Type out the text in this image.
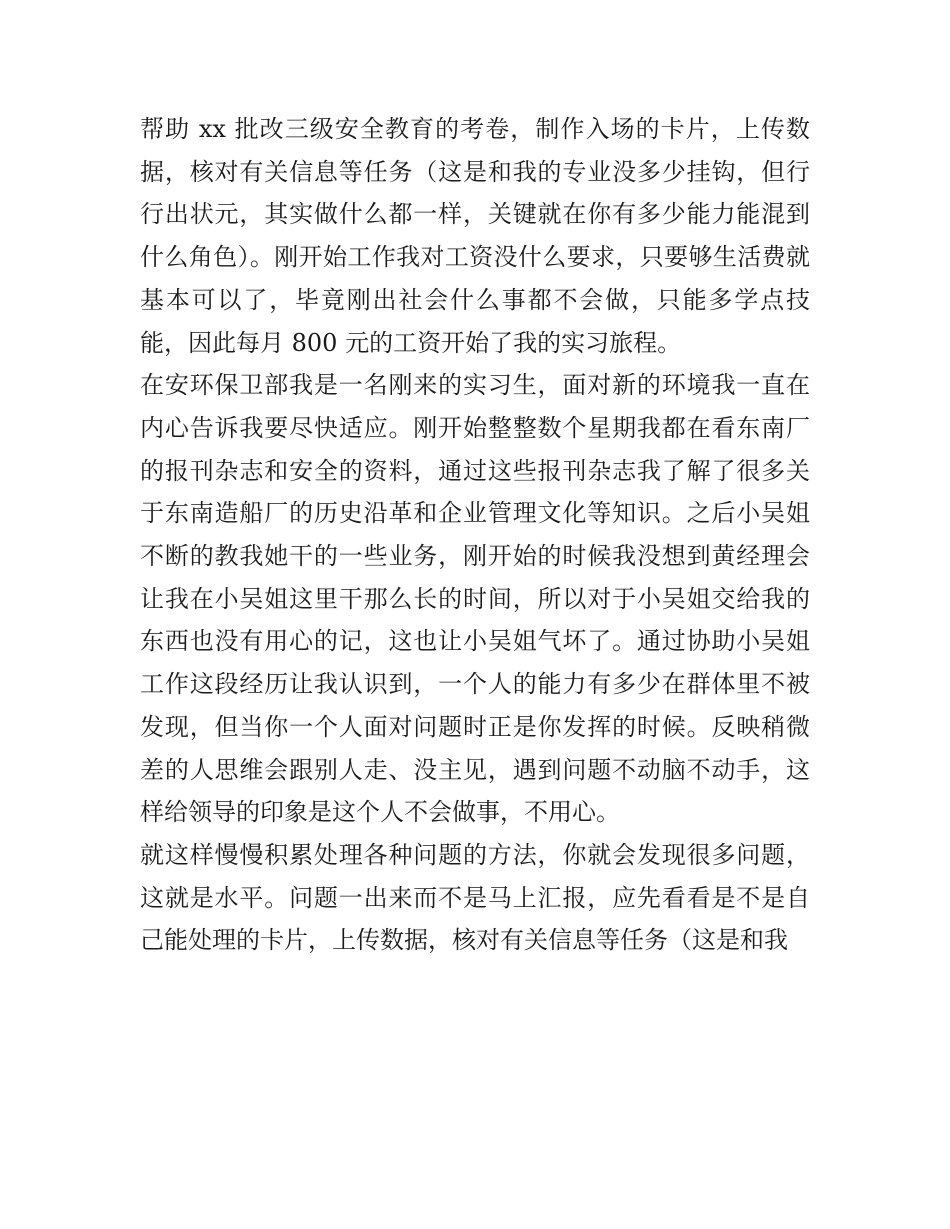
帮助 xx 批改三级安全教育的考卷，制作入场的卡片，上传数据，核对有关信息等任务（这是和我的专业没多少挂钩，但行行出状元，其实做什么都一样，关键就在你有多少能力能混到什么角色）。刚开始工作我对工资没什么要求，只要够生活费就基本可以了，毕竟刚出社会什么事都不会做，只能多学点技能，因此每月 800 元的工资开始了我的实习旅程。

在安环保卫部我是一名刚来的实习生，面对新的环境我一直在内心告诉我要尽快适应。刚开始整整数个星期我都在看东南厂的报刊杂志和安全的资料，通过这些报刊杂志我了解了很多关于东南造船厂的历史沿革和企业管理文化等知识。之后小吴姐不断的教我她干的一些业务，刚开始的时候我没想到黄经理会让我在小吴姐这里干那么长的时间，所以对于小吴姐交给我的东西也没有用心的记，这也让小吴姐气坏了。通过协助小吴姐工作这段经历让我认识到，一个人的能力有多少在群体里不被发现，但当你一个人面对问题时正是你发挥的时候。反映稍微差的人思维会跟别人走、没主见，遇到问题不动脑不动手，这样给领导的印象是这个人不会做事，不用心。

就这样慢慢积累处理各种问题的方法，你就会发现很多问题，这就是水平。问题一出来而不是马上汇报，应先看看是不是自己能处理的卡片，上传数据，核对有关信息等任务（这是和我
